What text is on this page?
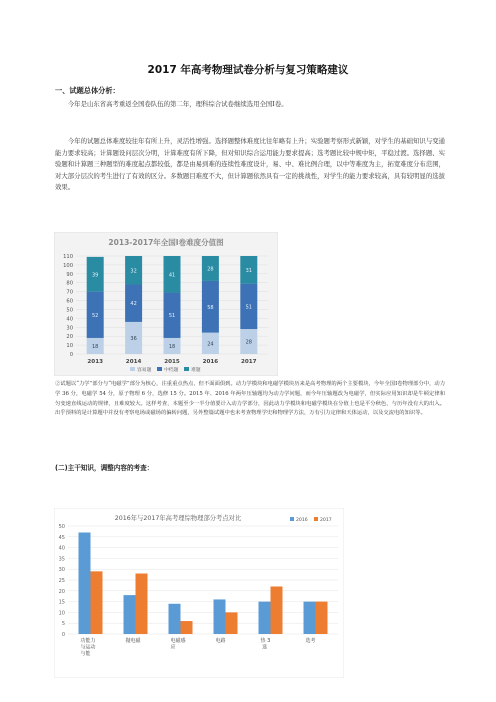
2017 年高考物理试卷分析与复习策略建议
一、试题总体分析：
今年是山东省高考重返全国卷队伍的第二年，理科综合试卷继续选用全国Ⅰ卷。
今年的试题总体难度较往年有所上升，灵活性增强。选择题整体难度比往年略有上升；实验题考察形式新颖，对学生的基础知识与变通能力要求较高；计算题设问层次分明，计算难度有所下降，但对知识综合运用能力要求提高；选考题比较中规中矩，平稳过渡。选择题、实验题和计算题三种题型的难度起点都较低，都是由易到难的连续性难度设计，易、中、难比例合理，以中等难度为主，拓宽难度分布范围，对大部分层次的考生进行了有效的区分。多数题目难度不大，但计算题依然具有一定的挑战性，对学生的能力要求较高，具有较明显的选拔效果。
2013-2017年全国I卷难度分值图
18
52
39
36
42
32
18
51
41
24
58
28
28
51
31
0
10
20
30
40
50
60
70
80
90
100
110
2013	2014	2015	2016	2017
容易题	中档题	难题
②试题以“力学”部分与“电磁学”部分为核心，注重重点热点，但不面面俱到。动力学模块和电磁学模块历来是高考物理的两个主要模块，今年全国Ⅰ卷物理部分中，动力学 36 分，电磁学 54 分，原子物理 6 分，选修 15 分。2015 年、2016 年两年压轴题均为动力学问题，而今年压轴题改为电磁学，但实际应用知识却是牛顿定律和匀变速直线运动的规律，且难度较大。这样考查，本题至少一半分值要计入动力学部分，因此动力学模块和电磁学模块在分值上也是平分秋色，与历年没有大的出入。出乎预料的是计算题中并没有考察电场或磁场的偏转问题，另外整篇试题中也未考查物理学史和物理学方法，万有引力定律和天体运动，以及交流电的知识等。
(二)主干知识，调整内容的考查：
2016年与2017年高考理综物理部分考点对比
0
5
10
15
20
25
30
35
40
45
50
功能力与运动与能
抛电磁	电磁感应
电路	热 3 选
选考
2016	2017
